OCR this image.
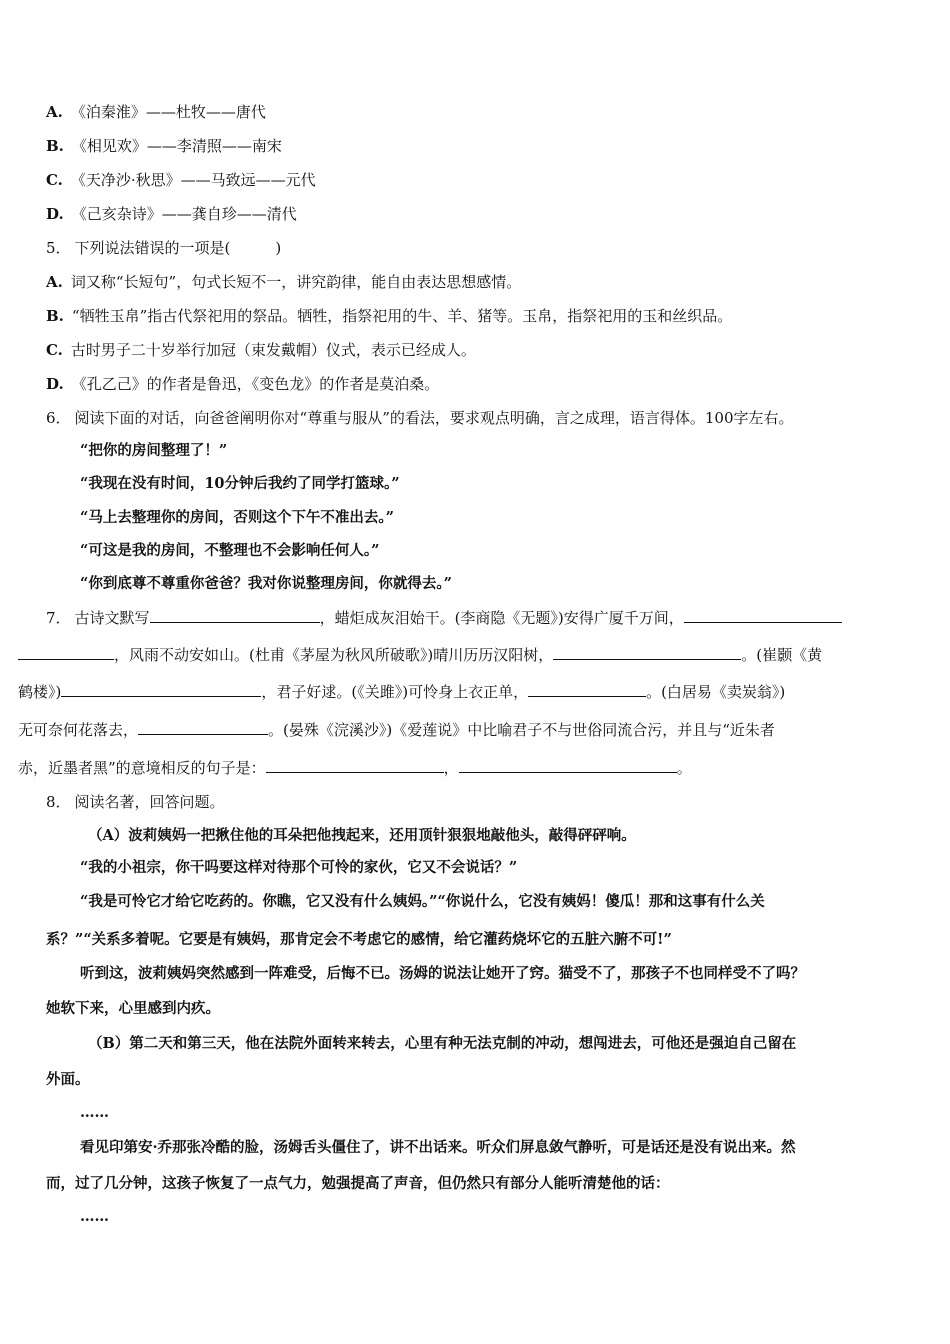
A. 《泊秦淮》——杜牧——唐代
B. 《相见欢》——李清照——南宋
C. 《天净沙·秋思》——马致远——元代
D. 《己亥杂诗》——龚自珍——清代
5． 下列说法错误的一项是(　　　)
A. 词又称“长短句”，句式长短不一，讲究韵律，能自由表达思想感情。
B. “牺牲玉帛”指古代祭祀用的祭品。牺牲，指祭祀用的牛、羊、猪等。玉帛，指祭祀用的玉和丝织品。
C. 古时男子二十岁举行加冠（束发戴帽）仪式，表示已经成人。
D. 《孔乙己》的作者是鲁迅，《变色龙》的作者是莫泊桑。
6． 阅读下面的对话，向爸爸阐明你对“尊重与服从”的看法，要求观点明确，言之成理，语言得体。100字左右。
“把你的房间整理了！”
“我现在没有时间，10分钟后我约了同学打篮球。”
“马上去整理你的房间，否则这个下午不准出去。”
“可这是我的房间，不整理也不会影响任何人。”
“你到底尊不尊重你爸爸？我对你说整理房间，你就得去。”
7． 古诗文默写	，蜡炬成灰泪始干。(李商隐《无题》)安得广厦千万间，
，风雨不动安如山。(杜甫《茅屋为秋风所破歌》)晴川历历汉阳树，	。(崔颢《黄
鹤楼》)	，君子好逑。(《关雎》)可怜身上衣正单，	。(白居易《卖炭翁》)
无可奈何花落去，	。(晏殊《浣溪沙》)《爱莲说》中比喻君子不与世俗同流合污，并且与“近朱者
赤，近墨者黑”的意境相反的句子是：	，	。
8． 阅读名著，回答问题。
（A）波莉姨妈一把揪住他的耳朵把他拽起来，还用顶针狠狠地敲他头，敲得砰砰响。
“我的小祖宗，你干吗要这样对待那个可怜的家伙，它又不会说话？”
“我是可怜它才给它吃药的。你瞧，它又没有什么姨妈。”“你说什么，它没有姨妈！傻瓜！那和这事有什么关
系？”“关系多着呢。它要是有姨妈，那肯定会不考虑它的感情，给它灌药烧坏它的五脏六腑不可!”
听到这，波莉姨妈突然感到一阵难受，后悔不已。汤姆的说法让她开了窍。猫受不了，那孩子不也同样受不了吗？
她软下来，心里感到内疚。
（B）第二天和第三天，他在法院外面转来转去，心里有种无法克制的冲动，想闯进去，可他还是强迫自己留在
外面。
……
看见印第安·乔那张冷酷的脸，汤姆舌头僵住了，讲不出话来。听众们屏息敛气静听，可是话还是没有说出来。然
而，过了几分钟，这孩子恢复了一点气力，勉强提高了声音，但仍然只有部分人能听清楚他的话：
……
